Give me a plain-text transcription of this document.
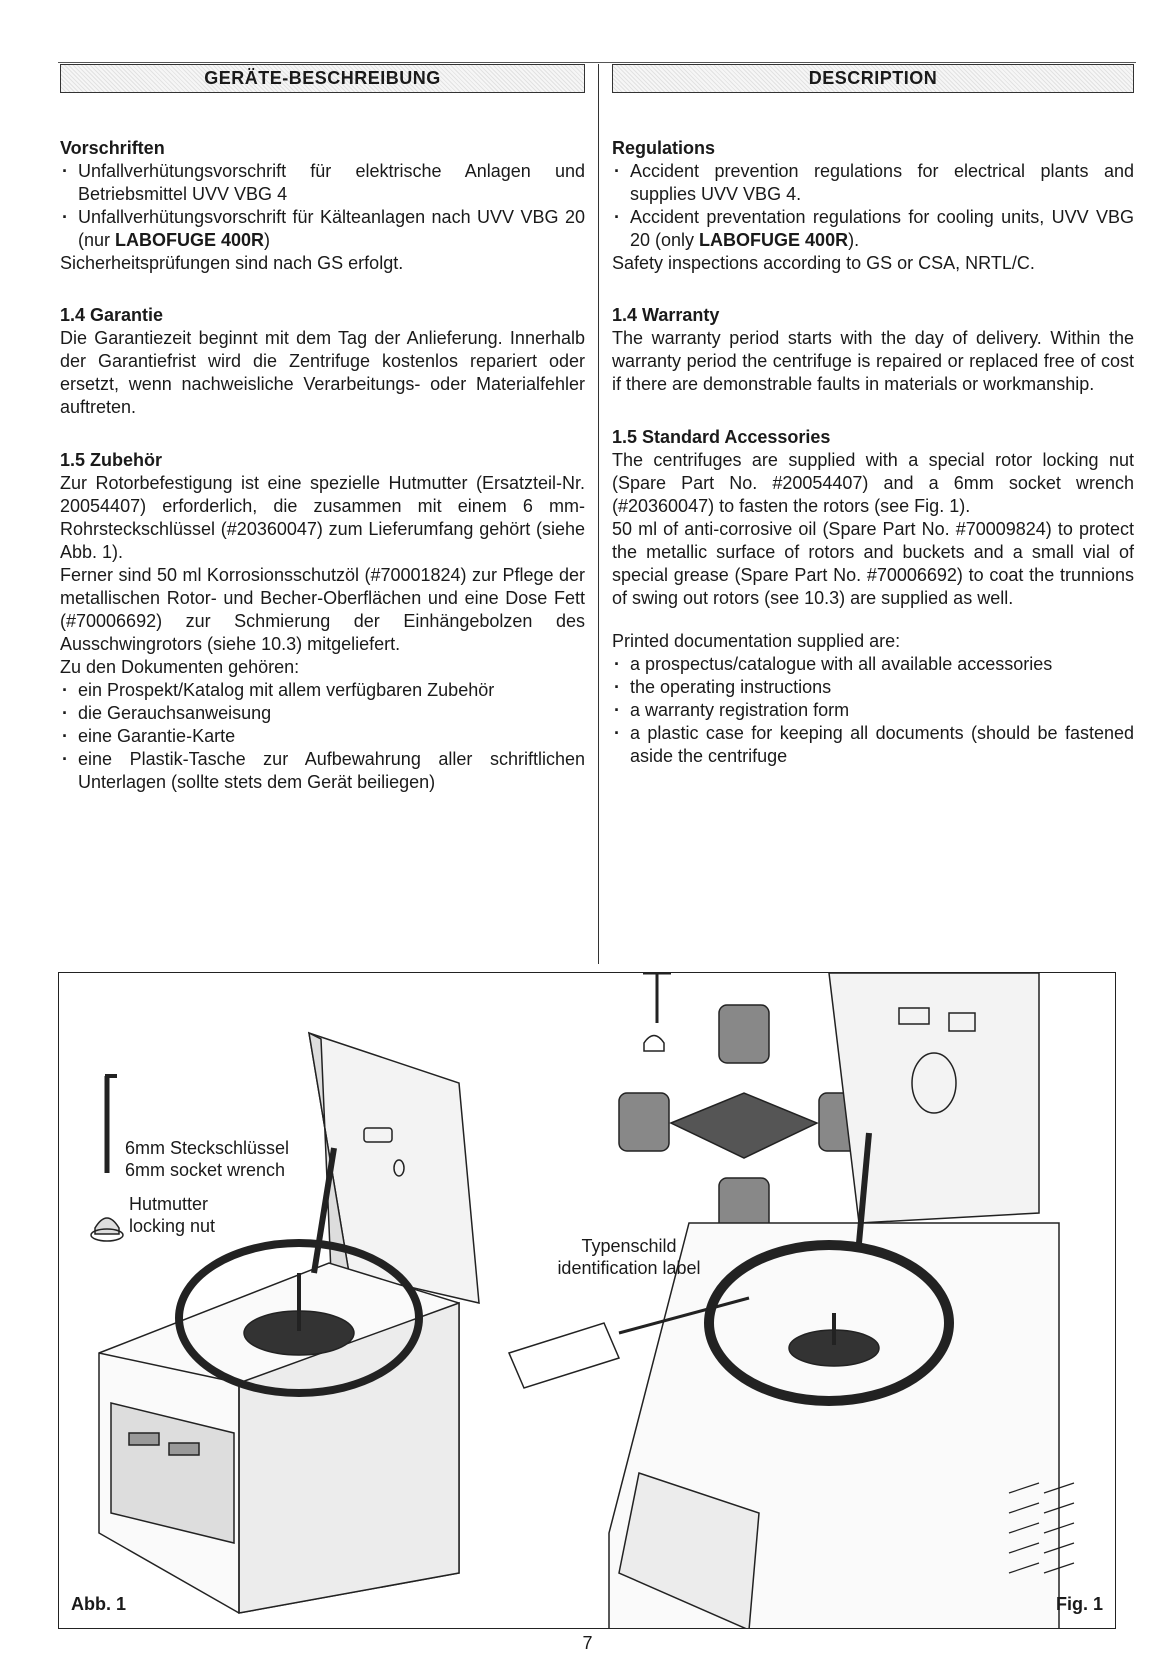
GERÄTE-BESCHREIBUNG
Vorschriften
· Unfallverhütungsvorschrift für elektrische Anlagen und Betriebsmittel UVV VBG 4
· Unfallverhütungsvorschrift für Kälteanlagen nach UVV VBG 20 (nur LABOFUGE 400R)

Sicherheitsprüfungen sind nach GS erfolgt.

1.4 Garantie

Die Garantiezeit beginnt mit dem Tag der Anlieferung. Innerhalb der Garantiefrist wird die Zentrifuge kostenlos repariert oder ersetzt, wenn nachweisliche Verarbeitungs- oder Materialfehler auftreten.

1.5 Zubehör

Zur Rotorbefestigung ist eine spezielle Hutmutter (Ersatzteil-Nr. 20054407) erforderlich, die zusammen mit einem 6 mm-Rohrsteckschlüssel (#20360047) zum Lieferumfang gehört (siehe Abb. 1).

Ferner sind 50 ml Korrosionsschutzöl (#70001824) zur Pflege der metallischen Rotor- und Becher-Oberflächen und eine Dose Fett (#70006692) zur Schmierung der Einhängebolzen des Ausschwingrotors (siehe 10.3) mitgeliefert.

Zu den Dokumenten gehören:

· ein Prospekt/Katalog mit allem verfügbaren Zubehör
· die Gerauchsanweisung
· eine Garantie-Karte
· eine Plastik-Tasche zur Aufbewahrung aller schriftlichen Unterlagen (sollte stets dem Gerät beiliegen)
DESCRIPTION
Regulations
· Accident prevention regulations for electrical plants and supplies UVV VBG 4.
· Accident preventation regulations for cooling units, UVV VBG 20 (only LABOFUGE 400R).

Safety inspections according to GS or CSA, NRTL/C.

1.4 Warranty

The warranty period starts with the day of delivery. Within the warranty period the centrifuge is repaired or replaced free of cost if there are demonstrable faults in materials or workmanship.

1.5 Standard Accessories

The centrifuges are supplied with a special rotor locking nut (Spare Part No. #20054407) and a 6mm socket wrench (#20360047) to fasten the rotors (see Fig. 1).

50 ml of anti-corrosive oil (Spare Part No. #70009824) to protect the metallic surface of rotors and buckets and a small vial of special grease (Spare Part No. #70006692) to coat the trunnions of swing out rotors (see 10.3) are supplied as well.

Printed documentation supplied are:

· a prospectus/catalogue with all available accessories
· the operating instructions
· a warranty registration form
· a plastic case for keeping all documents (should be fastened aside the centrifuge
6mm Steckschlüssel
6mm socket wrench
Hutmutter
locking nut
Typenschild
identification label
Abb. 1	Fig. 1
7
